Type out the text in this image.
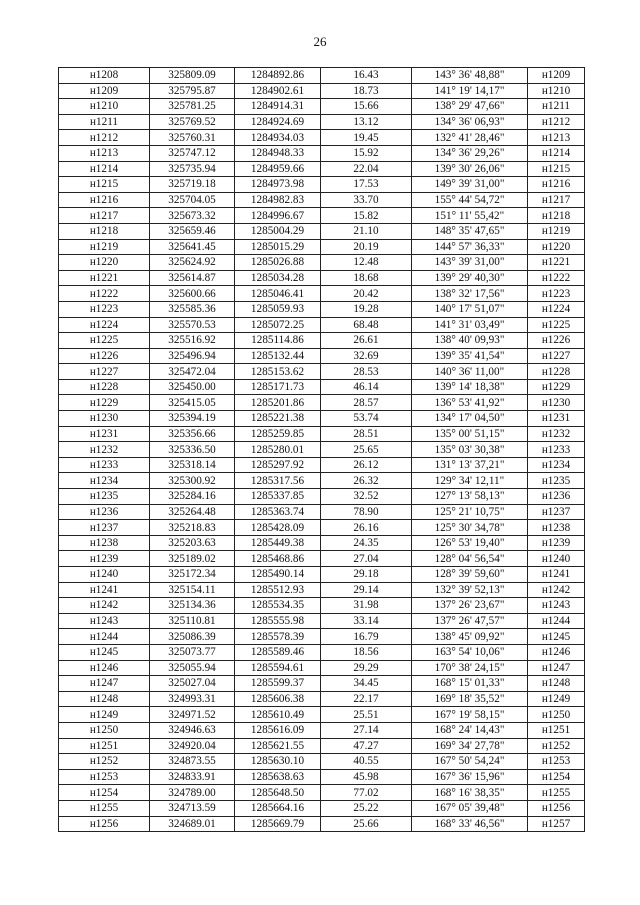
26
н1208	325809.09	1284892.86	16.43	143° 36' 48,88"	н1209
н1209	325795.87	1284902.61	18.73	141° 19' 14,17"	н1210
н1210	325781.25	1284914.31	15.66	138° 29' 47,66"	н1211
н1211	325769.52	1284924.69	13.12	134° 36' 06,93"	н1212
н1212	325760.31	1284934.03	19.45	132° 41' 28,46"	н1213
н1213	325747.12	1284948.33	15.92	134° 36' 29,26"	н1214
н1214	325735.94	1284959.66	22.04	139° 30' 26,06"	н1215
н1215	325719.18	1284973.98	17.53	149° 39' 31,00"	н1216
н1216	325704.05	1284982.83	33.70	155° 44' 54,72"	н1217
н1217	325673.32	1284996.67	15.82	151° 11' 55,42"	н1218
н1218	325659.46	1285004.29	21.10	148° 35' 47,65"	н1219
н1219	325641.45	1285015.29	20.19	144° 57' 36,33"	н1220
н1220	325624.92	1285026.88	12.48	143° 39' 31,00"	н1221
н1221	325614.87	1285034.28	18.68	139° 29' 40,30"	н1222
н1222	325600.66	1285046.41	20.42	138° 32' 17,56"	н1223
н1223	325585.36	1285059.93	19.28	140° 17' 51,07"	н1224
н1224	325570.53	1285072.25	68.48	141° 31' 03,49"	н1225
н1225	325516.92	1285114.86	26.61	138° 40' 09,93"	н1226
н1226	325496.94	1285132.44	32.69	139° 35' 41,54"	н1227
н1227	325472.04	1285153.62	28.53	140° 36' 11,00"	н1228
н1228	325450.00	1285171.73	46.14	139° 14' 18,38"	н1229
н1229	325415.05	1285201.86	28.57	136° 53' 41,92"	н1230
н1230	325394.19	1285221.38	53.74	134° 17' 04,50"	н1231
н1231	325356.66	1285259.85	28.51	135° 00' 51,15"	н1232
н1232	325336.50	1285280.01	25.65	135° 03' 30,38"	н1233
н1233	325318.14	1285297.92	26.12	131° 13' 37,21"	н1234
н1234	325300.92	1285317.56	26.32	129° 34' 12,11"	н1235
н1235	325284.16	1285337.85	32.52	127° 13' 58,13"	н1236
н1236	325264.48	1285363.74	78.90	125° 21' 10,75"	н1237
н1237	325218.83	1285428.09	26.16	125° 30' 34,78"	н1238
н1238	325203.63	1285449.38	24.35	126° 53' 19,40"	н1239
н1239	325189.02	1285468.86	27.04	128° 04' 56,54"	н1240
н1240	325172.34	1285490.14	29.18	128° 39' 59,60"	н1241
н1241	325154.11	1285512.93	29.14	132° 39' 52,13"	н1242
н1242	325134.36	1285534.35	31.98	137° 26' 23,67"	н1243
н1243	325110.81	1285555.98	33.14	137° 26' 47,57"	н1244
н1244	325086.39	1285578.39	16.79	138° 45' 09,92"	н1245
н1245	325073.77	1285589.46	18.56	163° 54' 10,06"	н1246
н1246	325055.94	1285594.61	29.29	170° 38' 24,15"	н1247
н1247	325027.04	1285599.37	34.45	168° 15' 01,33"	н1248
н1248	324993.31	1285606.38	22.17	169° 18' 35,52"	н1249
н1249	324971.52	1285610.49	25.51	167° 19' 58,15"	н1250
н1250	324946.63	1285616.09	27.14	168° 24' 14,43"	н1251
н1251	324920.04	1285621.55	47.27	169° 34' 27,78"	н1252
н1252	324873.55	1285630.10	40.55	167° 50' 54,24"	н1253
н1253	324833.91	1285638.63	45.98	167° 36' 15,96"	н1254
н1254	324789.00	1285648.50	77.02	168° 16' 38,35"	н1255
н1255	324713.59	1285664.16	25.22	167° 05' 39,48"	н1256
н1256	324689.01	1285669.79	25.66	168° 33' 46,56"	н1257
